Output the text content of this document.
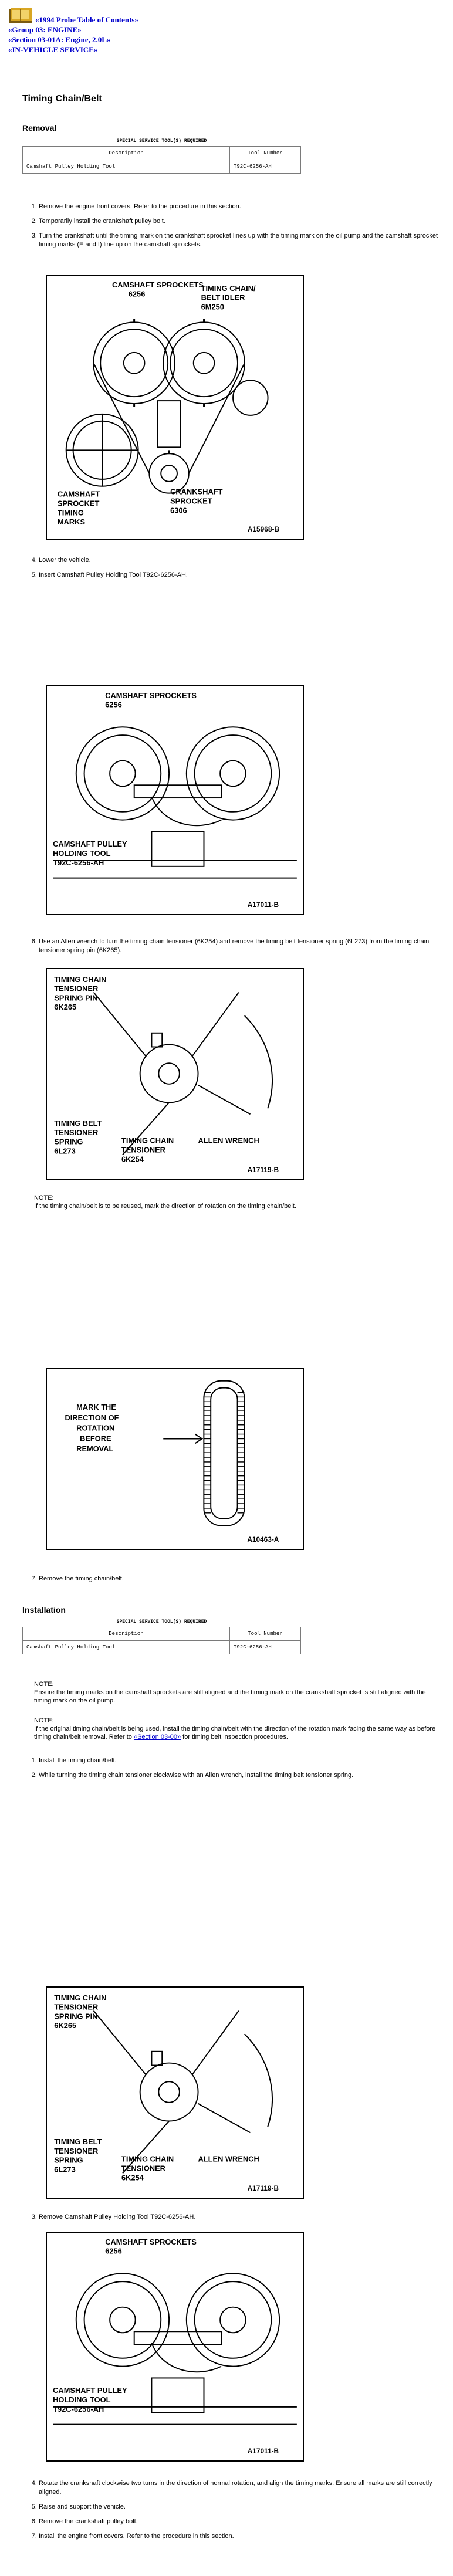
«1994 Probe Table of Contents»
«Group 03: ENGINE»
«Section 03-01A: Engine, 2.0L»
«IN-VEHICLE SERVICE»
Timing Chain/Belt
Removal
SPECIAL SERVICE TOOL(S) REQUIRED	
Description	Tool Number
Camshaft Pulley Holding Tool	T92C-6256-AH
1. Remove the engine front covers. Refer to the procedure in this section.
2. Temporarily install the crankshaft pulley bolt.
3. Turn the crankshaft until the timing mark on the crankshaft sprocket lines up with the timing mark on the oil pump and the camshaft sprocket timing marks (E and I) line up on the camshaft sprockets.
CAMSHAFT SPROCKETS
6256
TIMING CHAIN/
BELT IDLER
6M250
CAMSHAFT
SPROCKET
TIMING
MARKS
CRANKSHAFT
SPROCKET
6306
A15968-B
4. Lower the vehicle.
5. Insert Camshaft Pulley Holding Tool T92C-6256-AH.
CAMSHAFT SPROCKETS
6256
CAMSHAFT PULLEY
HOLDING TOOL
T92C-6256-AH
A17011-B
6. Use an Allen wrench to turn the timing chain tensioner (6K254) and remove the timing belt tensioner spring (6L273) from the timing chain tensioner spring pin (6K265).
TIMING CHAIN
TENSIONER
SPRING PIN
6K265
TIMING BELT
TENSIONER
SPRING
6L273
TIMING CHAIN
TENSIONER
6K254
ALLEN WRENCH
A17119-B
NOTE:
If the timing chain/belt is to be reused, mark the direction of rotation on the timing chain/belt.
MARK THE
DIRECTION OF
ROTATION
BEFORE
REMOVAL
A10463-A
7. Remove the timing chain/belt.
Installation
SPECIAL SERVICE TOOL(S) REQUIRED	
Description	Tool Number
Camshaft Pulley Holding Tool	T92C-6256-AH
NOTE:
Ensure the timing marks on the camshaft sprockets are still aligned and the timing mark on the crankshaft sprocket is still aligned with the timing mark on the oil pump.
NOTE:
If the original timing chain/belt is being used, install the timing chain/belt with the direction of the rotation mark facing the same way as before timing chain/belt removal. Refer to «Section 03-00» for timing belt inspection procedures.
1. Install the timing chain/belt.
2. While turning the timing chain tensioner clockwise with an Allen wrench, install the timing belt tensioner spring.
TIMING CHAIN
TENSIONER
SPRING PIN
6K265
TIMING BELT
TENSIONER
SPRING
6L273
TIMING CHAIN
TENSIONER
6K254
ALLEN WRENCH
A17119-B
3. Remove Camshaft Pulley Holding Tool T92C-6256-AH.
CAMSHAFT SPROCKETS
6256
CAMSHAFT PULLEY
HOLDING TOOL
T92C-6256-AH
A17011-B
4. Rotate the crankshaft clockwise two turns in the direction of normal rotation, and align the timing marks. Ensure all marks are still correctly aligned.
5. Raise and support the vehicle.
6. Remove the crankshaft pulley bolt.
7. Install the engine front covers. Refer to the procedure in this section.
